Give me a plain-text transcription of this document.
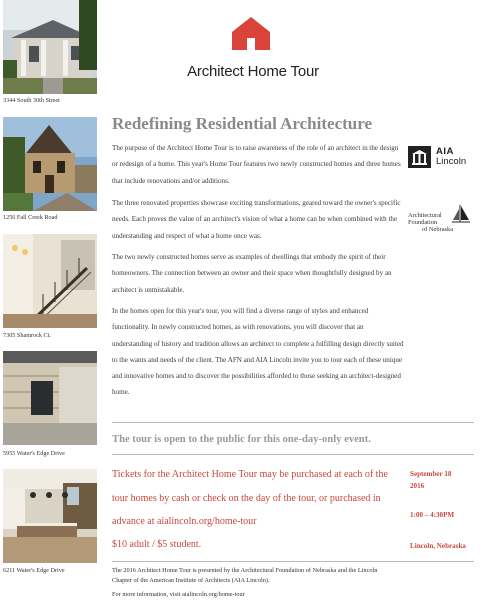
3344 South 30th Street
1256 Fall Creek Road
7305 Shamrock Ct.
5955 Water's Edge Drive
6211 Water's Edge Drive
Architect Home Tour
Redefining Residential Architecture
The purpose of the Architect Home Tour is to raise awareness of the role of an architect in the design or redesign of a home. This year's Home Tour features two newly constructed homes and three homes that include renovations and/or additions.
The three renovated properties showcase exciting transformations, geared toward the owner's specific needs. Each proves the value of an architect's vision of what a home can be when combined with the understanding and respect of what a home once was.
The two newly constructed homes serve as examples of dwellings that embody the spirit of their homeowners. The connection between an owner and their space when thoughtfully designed by an architect is unmistakable.
In the homes open for this year's tour, you will find a diverse range of styles and enhanced functionality. In newly constructed homes, as with renovations, you will discover that an understanding of history and tradition allows an architect to complete a fulfilling design directly suited to the wants and needs of the client. The AFN and AIA Lincoln invite you to tour each of these unique and innovative homes and to discover the possibilities afforded to those seeking an architect-designed home.
The tour is open to the public for this one-day-only event.
Tickets for the Architect Home Tour may be purchased at each of the tour homes by cash or check on the day of the tour, or purchased in advance at aialincoln.org/home-tour
$10 adult / $5 student.
September 18
2016
1:00 – 4:30PM
Lincoln, Nebraska
The 2016 Architect Home Tour is presented by the Architectural Foundation of Nebraska and the Lincoln Chapter of the American Institute of Architects (AIA Lincoln).
For more information, visit aialincoln.org/home-tour
AIA
Lincoln
Architectural
Foundation
of Nebraska
